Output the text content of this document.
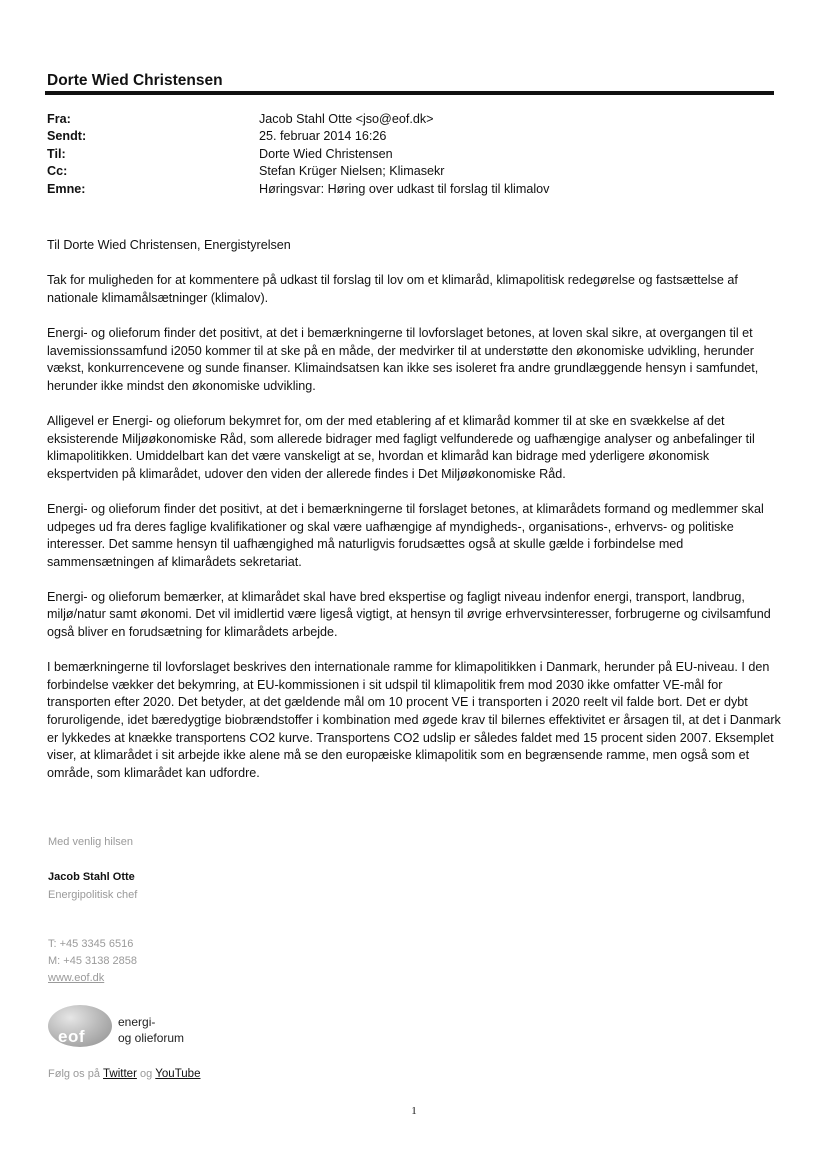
Dorte Wied Christensen
Fra:	Jacob Stahl Otte <jso@eof.dk>
Sendt:	25. februar 2014 16:26
Til:	Dorte Wied Christensen
Cc:	Stefan Krüger Nielsen; Klimasekr
Emne:	Høringsvar: Høring over udkast til forslag til klimalov

Til Dorte Wied Christensen, Energistyrelsen

Tak for muligheden for at kommentere på udkast til forslag til lov om et klimaråd, klimapolitisk redegørelse og fastsættelse af nationale klimamålsætninger (klimalov).

Energi- og olieforum finder det positivt, at det i bemærkningerne til lovforslaget betones, at loven skal sikre, at overgangen til et lavemissionssamfund i2050 kommer til at ske på en måde, der medvirker til at understøtte den økonomiske udvikling, herunder vækst, konkurrencevene og sunde finanser. Klimaindsatsen kan ikke ses isoleret fra andre grundlæggende hensyn i samfundet, herunder ikke mindst den økonomiske udvikling.

Alligevel er Energi- og olieforum bekymret for, om der med etablering af et klimaråd kommer til at ske en svækkelse af det eksisterende Miljøøkonomiske Råd, som allerede bidrager med fagligt velfunderede og uafhængige analyser og anbefalinger til klimapolitikken. Umiddelbart kan det være vanskeligt at se, hvordan et klimaråd kan bidrage med yderligere økonomisk ekspertviden på klimarådet, udover den viden der allerede findes i Det Miljøøkonomiske Råd.

Energi- og olieforum finder det positivt, at det i bemærkningerne til forslaget betones, at klimarådets formand og medlemmer skal udpeges ud fra deres faglige kvalifikationer og skal være uafhængige af myndigheds-, organisations-, erhvervs- og politiske interesser. Det samme hensyn til uafhængighed må naturligvis forudsættes også at skulle gælde i forbindelse med sammensætningen af klimarådets sekretariat.

Energi- og olieforum bemærker, at klimarådet skal have bred ekspertise og fagligt niveau indenfor energi, transport, landbrug, miljø/natur samt økonomi. Det vil imidlertid være ligeså vigtigt, at hensyn til øvrige erhvervsinteresser, forbrugerne og civilsamfund også bliver en forudsætning for klimarådets arbejde.

I bemærkningerne til lovforslaget beskrives den internationale ramme for klimapolitikken i Danmark, herunder på EU-niveau. I den forbindelse vækker det bekymring, at EU-kommissionen i sit udspil til klimapolitik frem mod 2030 ikke omfatter VE-mål for transporten efter 2020. Det betyder, at det gældende mål om 10 procent VE i transporten i 2020 reelt vil falde bort. Det er dybt foruroligende, idet bæredygtige biobrændstoffer i kombination med øgede krav til bilernes effektivitet er årsagen til, at det i Danmark er lykkedes at knække transportens CO2 kurve. Transportens CO2 udslip er således faldet med 15 procent siden 2007. Eksemplet viser, at klimarådet i sit arbejde ikke alene må se den europæiske klimapolitik som en begrænsende ramme, men også som et område, som klimarådet kan udfordre.

Med venlig hilsen
Jacob Stahl Otte
Energipolitisk chef
T: +45 3345 6516
M: +45 3138 2858
www.eof.dk
eof
energi-
og olieforum
Følg os på Twitter og YouTube
1
